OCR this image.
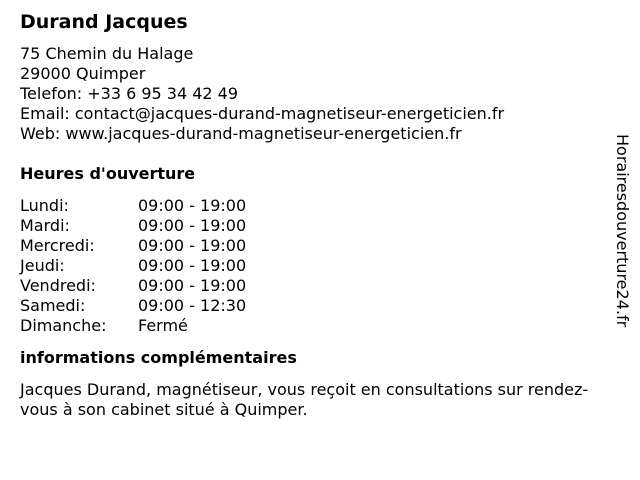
Durand Jacques
75 Chemin du Halage
29000 Quimper
Telefon: +33 6 95 34 42 49
Email: contact@jacques-durand-magnetiseur-energeticien.fr
Web: www.jacques-durand-magnetiseur-energeticien.fr
Heures d'ouverture
Lundi:	09:00 - 19:00
Mardi:	09:00 - 19:00
Mercredi:	09:00 - 19:00
Jeudi:	09:00 - 19:00
Vendredi:	09:00 - 19:00
Samedi:	09:00 - 12:30
Dimanche:	Fermé
informations complémentaires
Jacques Durand, magnétiseur, vous reçoit en consultations sur rendez-vous à son cabinet situé à Quimper.
Horairesdouverture24.fr
